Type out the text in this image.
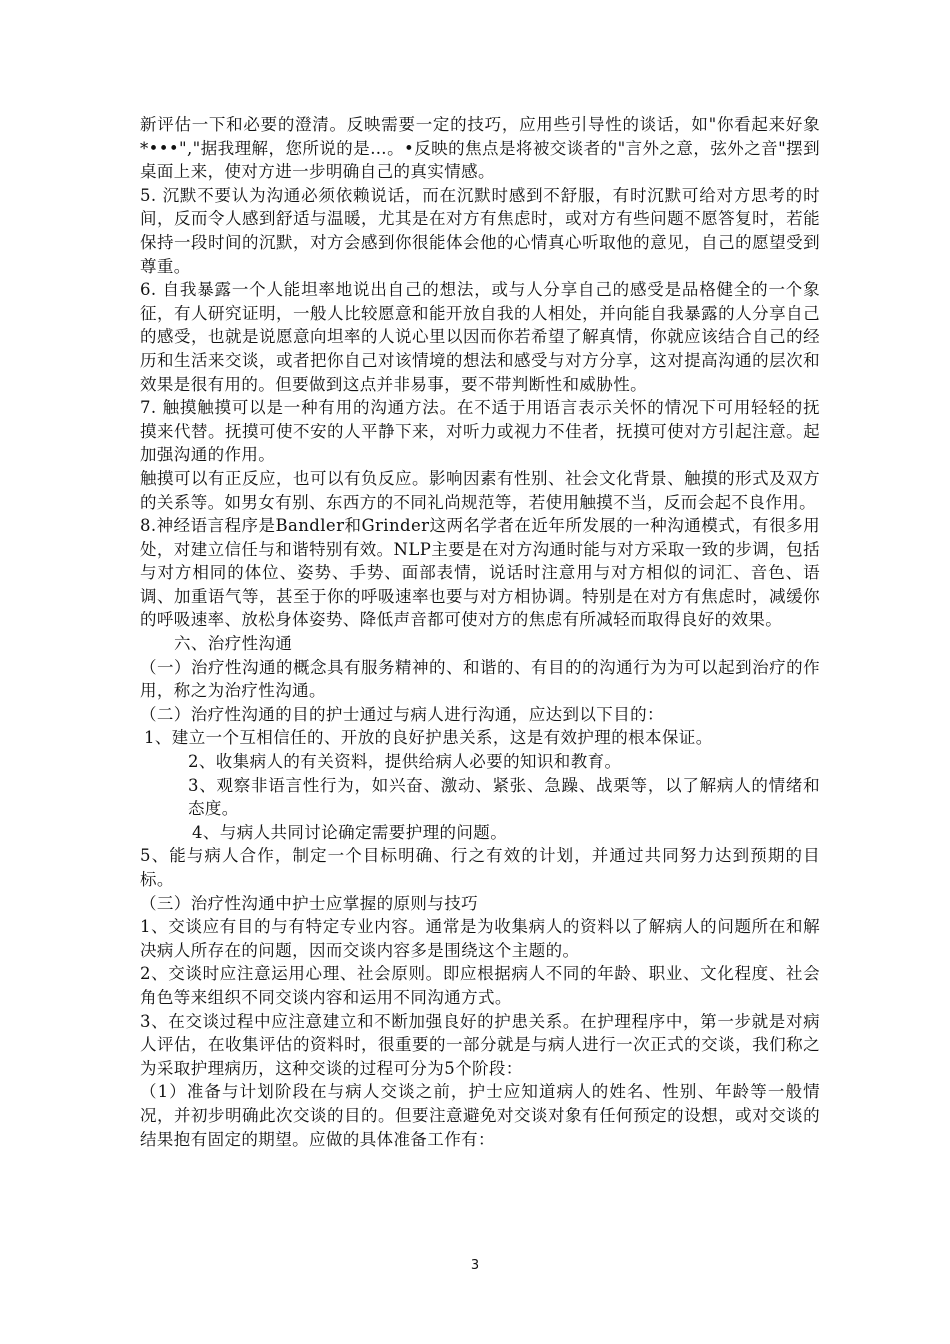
新评估一下和必要的澄清。反映需要一定的技巧，应用些引导性的谈话，如"你看起来好象*•••","据我理解，您所说的是…。•反映的焦点是将被交谈者的"言外之意，弦外之音"摆到桌面上来，使对方进一步明确自己的真实情感。

5. 沉默不要认为沟通必须依赖说话，而在沉默时感到不舒服，有时沉默可给对方思考的时间，反而令人感到舒适与温暖，尤其是在对方有焦虑时，或对方有些问题不愿答复时，若能保持一段时间的沉默，对方会感到你很能体会他的心情真心听取他的意见，自己的愿望受到尊重。

6. 自我暴露一个人能坦率地说出自己的想法，或与人分享自己的感受是品格健全的一个象征，有人研究证明，一般人比较愿意和能开放自我的人相处，并向能自我暴露的人分享自己的感受，也就是说愿意向坦率的人说心里以因而你若希望了解真情，你就应该结合自己的经历和生活来交谈，或者把你自己对该情境的想法和感受与对方分享，这对提高沟通的层次和效果是很有用的。但要做到这点并非易事，要不带判断性和威胁性。

7. 触摸触摸可以是一种有用的沟通方法。在不适于用语言表示关怀的情况下可用轻轻的抚摸来代替。抚摸可使不安的人平静下来，对听力或视力不佳者，抚摸可使对方引起注意。起加强沟通的作用。

触摸可以有正反应，也可以有负反应。影响因素有性别、社会文化背景、触摸的形式及双方的关系等。如男女有别、东西方的不同礼尚规范等，若使用触摸不当，反而会起不良作用。

8.神经语言程序是Bandler和Grinder这两名学者在近年所发展的一种沟通模式，有很多用处，对建立信任与和谐特别有效。NLP主要是在对方沟通时能与对方采取一致的步调，包括与对方相同的体位、姿势、手势、面部表情，说话时注意用与对方相似的词汇、音色、语调、加重语气等，甚至于你的呼吸速率也要与对方相协调。特别是在对方有焦虑时，减缓你的呼吸速率、放松身体姿势、降低声音都可使对方的焦虑有所减轻而取得良好的效果。

六、治疗性沟通

（一）治疗性沟通的概念具有服务精神的、和谐的、有目的的沟通行为为可以起到治疗的作用，称之为治疗性沟通。

（二）治疗性沟通的目的护士通过与病人进行沟通，应达到以下目的：

1、建立一个互相信任的、开放的良好护患关系，这是有效护理的根本保证。

2、收集病人的有关资料，提供给病人必要的知识和教育。

3、观察非语言性行为，如兴奋、激动、紧张、急躁、战栗等，以了解病人的情绪和态度。

4、与病人共同讨论确定需要护理的问题。

5、能与病人合作，制定一个目标明确、行之有效的计划，并通过共同努力达到预期的目标。

（三）治疗性沟通中护士应掌握的原则与技巧

1、交谈应有目的与有特定专业内容。通常是为收集病人的资料以了解病人的问题所在和解决病人所存在的问题，因而交谈内容多是围绕这个主题的。

2、交谈时应注意运用心理、社会原则。即应根据病人不同的年龄、职业、文化程度、社会角色等来组织不同交谈内容和运用不同沟通方式。

3、在交谈过程中应注意建立和不断加强良好的护患关系。在护理程序中，第一步就是对病人评估，在收集评估的资料时，很重要的一部分就是与病人进行一次正式的交谈，我们称之为采取护理病历，这种交谈的过程可分为5个阶段：

（1）准备与计划阶段在与病人交谈之前，护士应知道病人的姓名、性别、年龄等一般情况，并初步明确此次交谈的目的。但要注意避免对交谈对象有任何预定的设想，或对交谈的结果抱有固定的期望。应做的具体准备工作有：

3
